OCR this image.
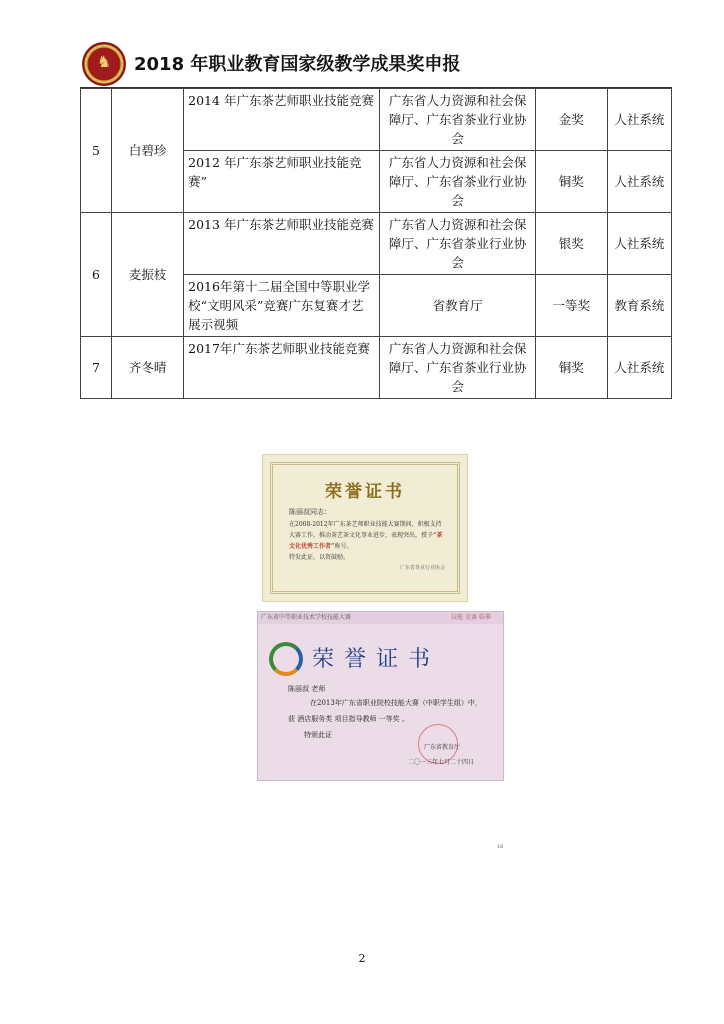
♞ 2018 年职业教育国家级教学成果奖申报
5	白碧珍	2014 年广东茶艺师职业技能竞赛	广东省人力资源和社会保障厅、广东省茶业行业协会	金奖	人社系统
		2012 年广东茶艺师职业技能竞赛”	广东省人力资源和社会保障厅、广东省茶业行业协会	铜奖	人社系统
6	麦振枝	2013 年广东茶艺师职业技能竞赛	广东省人力资源和社会保障厅、广东省茶业行业协会	银奖	人社系统
		2016年第十二届全国中等职业学校“文明风采”竞赛广东复赛才艺展示视频	省教育厅	一等奖	教育系统
7	齐冬晴	2017年广东茶艺师职业技能竞赛	广东省人力资源和社会保障厅、广东省茶业行业协会	铜奖	人社系统
荣誉证书
陈丽叔同志：
在2008-2012年广东茶艺师职业技能大赛期间，积极支持大赛工作，推动茶艺茶文化事业进步，表现突出，授予“茶文化优秀工作者”称号。
特发此证，以资鼓励。
广东省茶业行业协会
广东省中等职业技术学校技能大赛	技能 竞赛 临摹
荣誉证书
陈丽叔 老师
在2013年广东省职业院校技能大赛（中职学生组）中，
获 酒店服务类 项目指导教师 一等奖 。
特颁此证
广东省教育厅
二〇一三年七月二十四日
18
2
